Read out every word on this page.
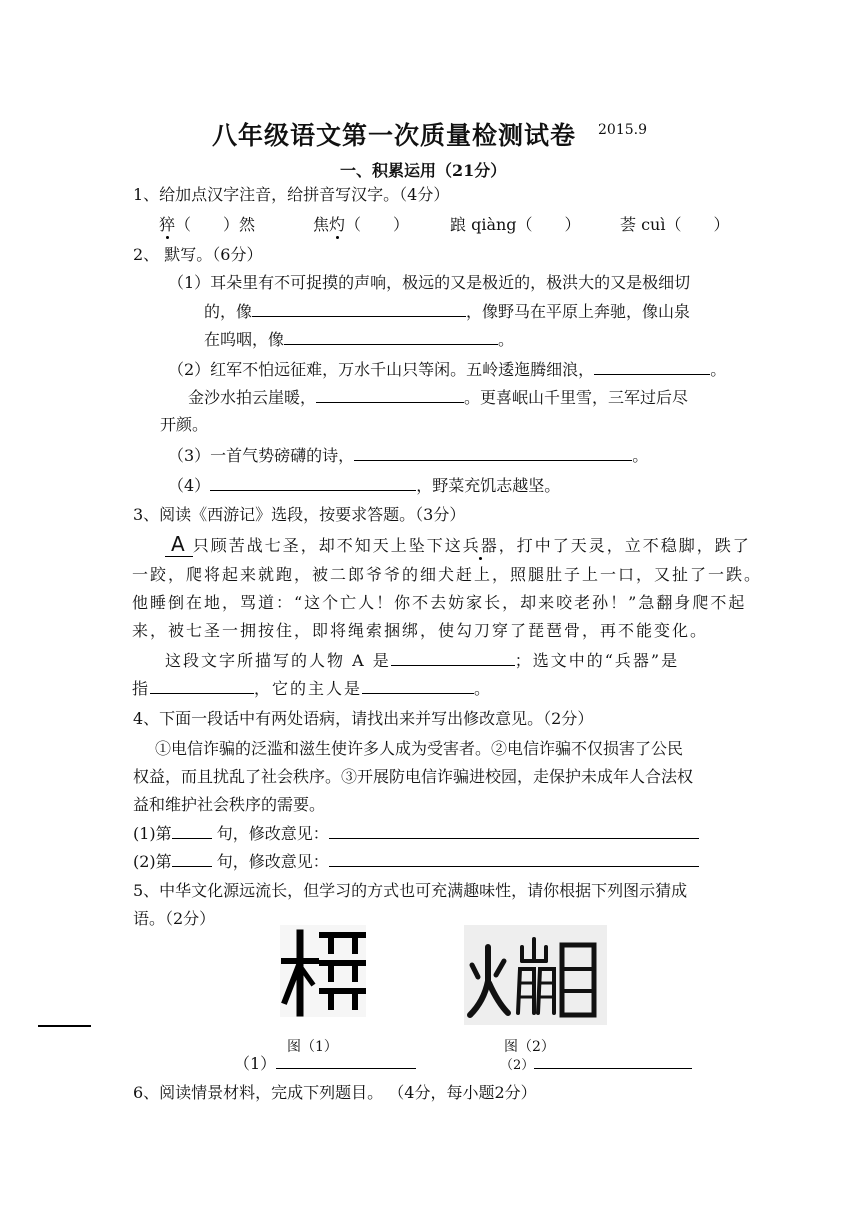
八年级语文第一次质量检测试卷 2015.9
一、积累运用（21分）
1、给加点汉字注音，给拼音写汉字。（4分）
猝（　　）然	焦灼（　　）	踉 qiàng（　　） 荟 cuì（　　）
2、 默写。（6分）
（1）耳朵里有不可捉摸的声响，极远的又是极近的，极洪大的又是极细切
的，像	，像野马在平原上奔驰，像山泉
在呜咽，像	。
（2）红军不怕远征难，万水千山只等闲。五岭逶迤腾细浪，	。
金沙水拍云崖暖，	。更喜岷山千里雪，三军过后尽
开颜。
（3）一首气势磅礴的诗，	。
（4）	，野菜充饥志越坚。
3、阅读《西游记》选段，按要求答题。（3分）
A 只顾苦战七圣，却不知天上坠下这兵器，打中了天灵，立不稳脚，跌了
一跤，爬将起来就跑，被二郎爷爷的细犬赶上，照腿肚子上一口，又扯了一跌。
他睡倒在地，骂道：“这个亡人！你不去妨家长，却来咬老孙！”急翻身爬不起
来，被七圣一拥按住，即将绳索捆绑，使勾刀穿了琵琶骨，再不能变化。
这段文字所描写的人物 A 是	；选文中的“兵器”是
指	，它的主人是	。
4、下面一段话中有两处语病，请找出来并写出修改意见。（2分）
①电信诈骗的泛滥和滋生使许多人成为受害者。②电信诈骗不仅损害了公民
权益，而且扰乱了社会秩序。③开展防电信诈骗进校园，走保护未成年人合法权
益和维护社会秩序的需要。
(1)第	句，修改意见：
(2)第	句，修改意见：
5、中华文化源远流长，但学习的方式也可充满趣味性，请你根据下列图示猜成
语。（2分）
图（1）	图（2）
（1）	（2）
6、阅读情景材料，完成下列题目。 （4分，每小题2分）
